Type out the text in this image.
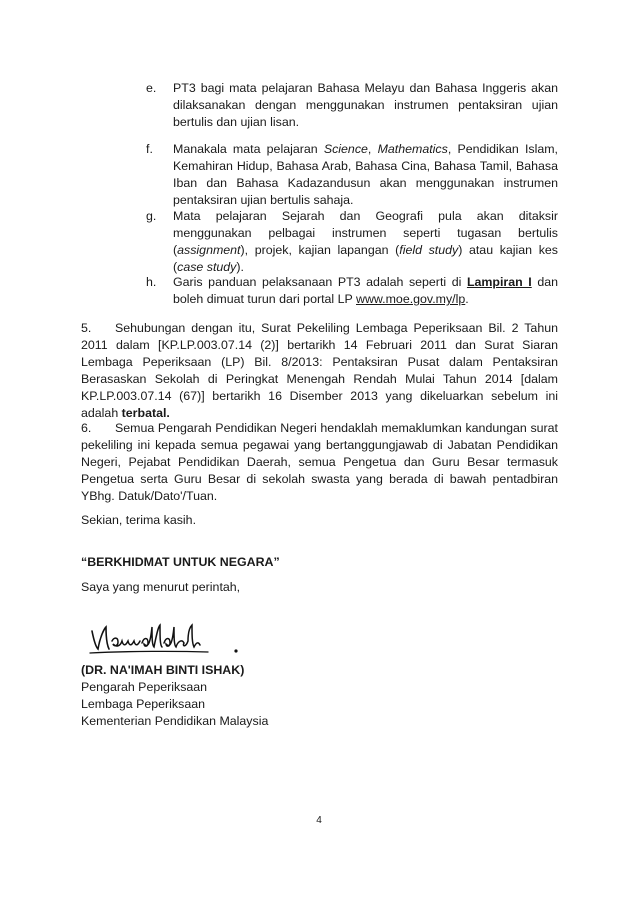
e. PT3 bagi mata pelajaran Bahasa Melayu dan Bahasa Inggeris akan dilaksanakan dengan menggunakan instrumen pentaksiran ujian bertulis dan ujian lisan.
f. Manakala mata pelajaran Science, Mathematics, Pendidikan Islam, Kemahiran Hidup, Bahasa Arab, Bahasa Cina, Bahasa Tamil, Bahasa Iban dan Bahasa Kadazandusun akan menggunakan instrumen pentaksiran ujian bertulis sahaja.
g. Mata pelajaran Sejarah dan Geografi pula akan ditaksir menggunakan pelbagai instrumen seperti tugasan bertulis (assignment), projek, kajian lapangan (field study) atau kajian kes (case study).
h. Garis panduan pelaksanaan PT3 adalah seperti di Lampiran I dan boleh dimuat turun dari portal LP www.moe.gov.my/lp.
5. Sehubungan dengan itu, Surat Pekeliling Lembaga Peperiksaan Bil. 2 Tahun 2011 dalam [KP.LP.003.07.14 (2)] bertarikh 14 Februari 2011 dan Surat Siaran Lembaga Peperiksaan (LP) Bil. 8/2013: Pentaksiran Pusat dalam Pentaksiran Berasaskan Sekolah di Peringkat Menengah Rendah Mulai Tahun 2014 [dalam KP.LP.003.07.14 (67)] bertarikh 16 Disember 2013 yang dikeluarkan sebelum ini adalah terbatal.
6. Semua Pengarah Pendidikan Negeri hendaklah memaklumkan kandungan surat pekeliling ini kepada semua pegawai yang bertanggungjawab di Jabatan Pendidikan Negeri, Pejabat Pendidikan Daerah, semua Pengetua dan Guru Besar termasuk Pengetua serta Guru Besar di sekolah swasta yang berada di bawah pentadbiran YBhg. Datuk/Dato'/Tuan.
Sekian, terima kasih.
“BERKHIDMAT UNTUK NEGARA”
Saya yang menurut perintah,
(DR. NA'IMAH BINTI ISHAK)
Pengarah Peperiksaan
Lembaga Peperiksaan
Kementerian Pendidikan Malaysia
4
